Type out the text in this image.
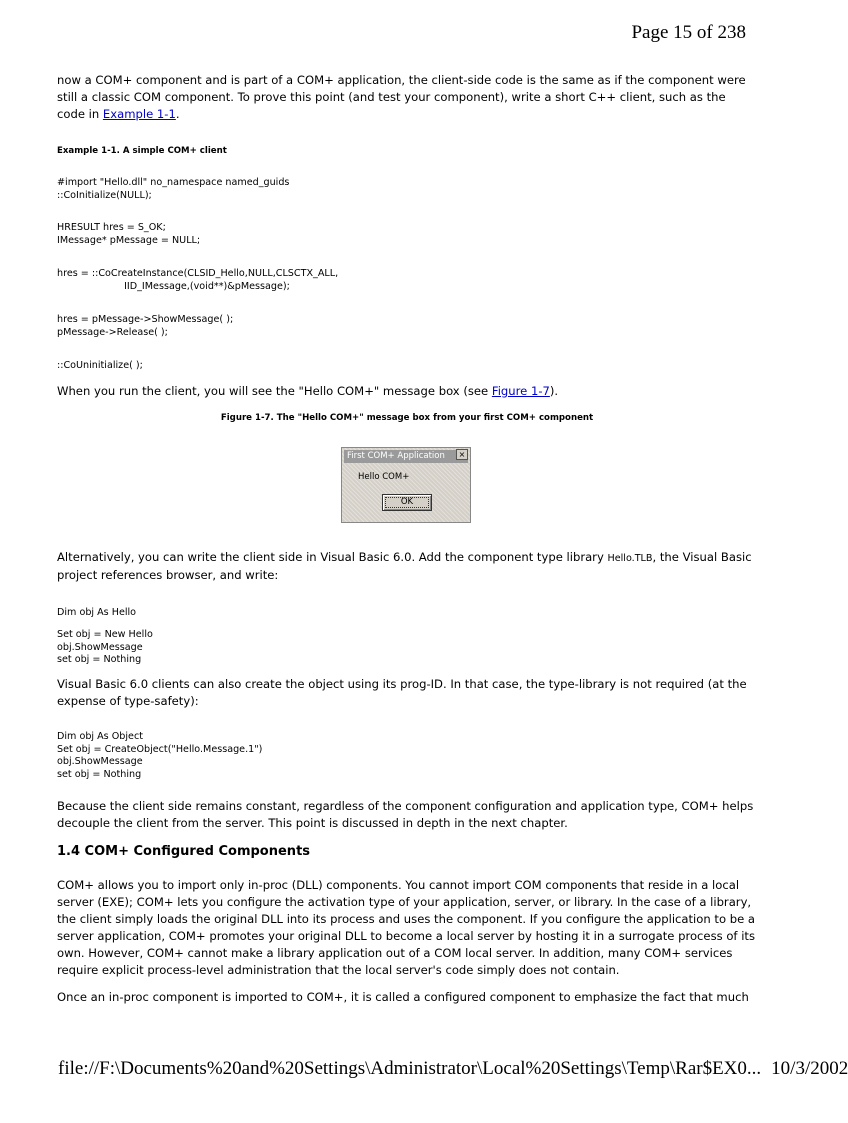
Page 15 of 238

now a COM+ component and is part of a COM+ application, the client-side code is the same as if the component were still a classic COM component. To prove this point (and test your component), write a short C++ client, such as the code in Example 1-1.

Example 1-1. A simple COM+ client
#import "Hello.dll" no_namespace named_guids
::CoInitialize(NULL);
HRESULT hres = S_OK;
IMessage* pMessage = NULL;
hres = ::CoCreateInstance(CLSID_Hello,NULL,CLSCTX_ALL,
IID_IMessage,(void**)&pMessage);
hres = pMessage->ShowMessage( );
pMessage->Release( );
::CoUninitialize( );

When you run the client, you will see the "Hello COM+" message box (see Figure 1-7).

Figure 1-7. The "Hello COM+" message box from your first COM+ component
First COM+ Application	×
Hello COM+
OK

Alternatively, you can write the client side in Visual Basic 6.0. Add the component type library Hello.TLB, the Visual Basic project references browser, and write:

Dim obj As Hello
Set obj = New Hello
obj.ShowMessage
set obj = Nothing

Visual Basic 6.0 clients can also create the object using its prog-ID. In that case, the type-library is not required (at the expense of type-safety):

Dim obj As Object
Set obj = CreateObject("Hello.Message.1")
obj.ShowMessage
set obj = Nothing

Because the client side remains constant, regardless of the component configuration and application type, COM+ helps decouple the client from the server. This point is discussed in depth in the next chapter.

1.4 COM+ Configured Components

COM+ allows you to import only in-proc (DLL) components. You cannot import COM components that reside in a local server (EXE); COM+ lets you configure the activation type of your application, server, or library. In the case of a library, the client simply loads the original DLL into its process and uses the component. If you configure the application to be a server application, COM+ promotes your original DLL to become a local server by hosting it in a surrogate process of its own. However, COM+ cannot make a library application out of a COM local server. In addition, many COM+ services require explicit process-level administration that the local server's code simply does not contain.

Once an in-proc component is imported to COM+, it is called a configured component to emphasize the fact that much

file://F:\Documents%20and%20Settings\Administrator\Local%20Settings\Temp\Rar$EX0... 10/3/2002
